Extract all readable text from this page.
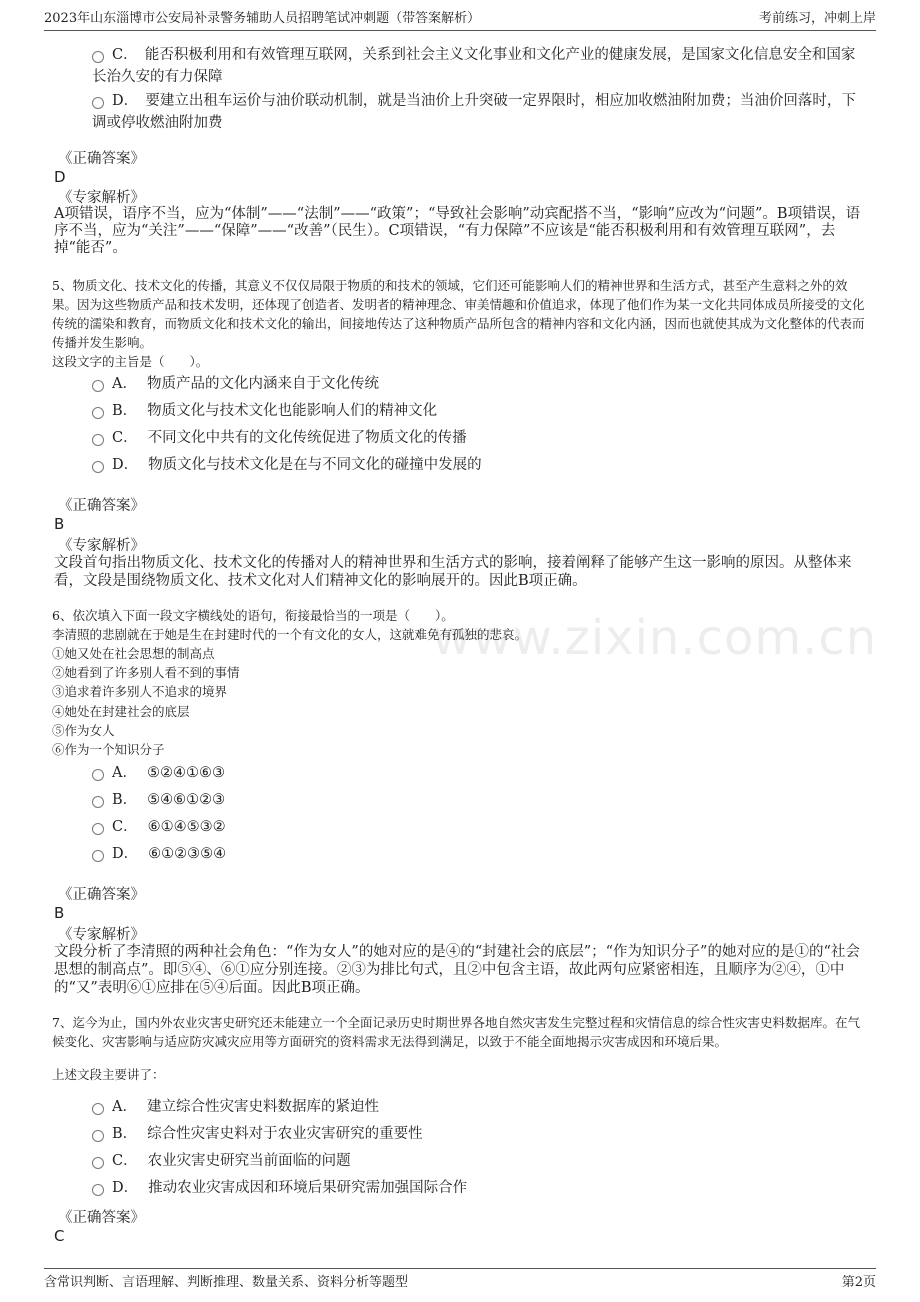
2023年山东淄博市公安局补录警务辅助人员招聘笔试冲刺题（带答案解析）	考前练习，冲刺上岸
www.zixin.com.cn
C．　能否积极利用和有效管理互联网，关系到社会主义文化事业和文化产业的健康发展，是国家文化信息安全和国家长治久安的有力保障
D．　要建立出租车运价与油价联动机制，就是当油价上升突破一定界限时，相应加收燃油附加费；当油价回落时，下调或停收燃油附加费
《正确答案》
D
《专家解析》
A项错误，语序不当，应为“体制”——“法制”——“政策”；“导致社会影响”动宾配搭不当，“影响”应改为“问题”。B项错误，语序不当，应为“关注”——“保障”——“改善”（民生）。C项错误，“有力保障”不应该是“能否积极利用和有效管理互联网”，去掉“能否”。
5、物质文化、技术文化的传播，其意义不仅仅局限于物质的和技术的领域，它们还可能影响人们的精神世界和生活方式，甚至产生意料之外的效果。因为这些物质产品和技术发明，还体现了创造者、发明者的精神理念、审美情趣和价值追求，体现了他们作为某一文化共同体成员所接受的文化传统的濡染和教育，而物质文化和技术文化的输出，间接地传达了这种物质产品所包含的精神内容和文化内涵，因而也就使其成为文化整体的代表而传播并发生影响。
这段文字的主旨是（　　）。
A． 物质产品的文化内涵来自于文化传统
B． 物质文化与技术文化也能影响人们的精神文化
C． 不同文化中共有的文化传统促进了物质文化的传播
D． 物质文化与技术文化是在与不同文化的碰撞中发展的
《正确答案》
B
《专家解析》
文段首句指出物质文化、技术文化的传播对人的精神世界和生活方式的影响，接着阐释了能够产生这一影响的原因。从整体来看，文段是围绕物质文化、技术文化对人们精神文化的影响展开的。因此B项正确。
6、依次填入下面一段文字横线处的语句，衔接最恰当的一项是（　　）。
李清照的悲剧就在于她是生在封建时代的一个有文化的女人，这就难免有孤独的悲哀。
①她又处在社会思想的制高点
②她看到了许多别人看不到的事情
③追求着许多别人不追求的境界
④她处在封建社会的底层
⑤作为女人
⑥作为一个知识分子
A． ⑤②④①⑥③
B． ⑤④⑥①②③
C． ⑥①④⑤③②
D． ⑥①②③⑤④
《正确答案》
B
《专家解析》
文段分析了李清照的两种社会角色：“作为女人”的她对应的是④的“封建社会的底层”；“作为知识分子”的她对应的是①的“社会思想的制高点”。即⑤④、⑥①应分别连接。②③为排比句式，且②中包含主语，故此两句应紧密相连，且顺序为②④，①中的“又”表明⑥①应排在⑤④后面。因此B项正确。
7、迄今为止，国内外农业灾害史研究还未能建立一个全面记录历史时期世界各地自然灾害发生完整过程和灾情信息的综合性灾害史料数据库。在气候变化、灾害影响与适应防灾减灾应用等方面研究的资料需求无法得到满足，以致于不能全面地揭示灾害成因和环境后果。
上述文段主要讲了：
A． 建立综合性灾害史料数据库的紧迫性
B． 综合性灾害史料对于农业灾害研究的重要性
C． 农业灾害史研究当前面临的问题
D． 推动农业灾害成因和环境后果研究需加强国际合作
《正确答案》
C
含常识判断、言语理解、判断推理、数量关系、资料分析等题型	第2页
